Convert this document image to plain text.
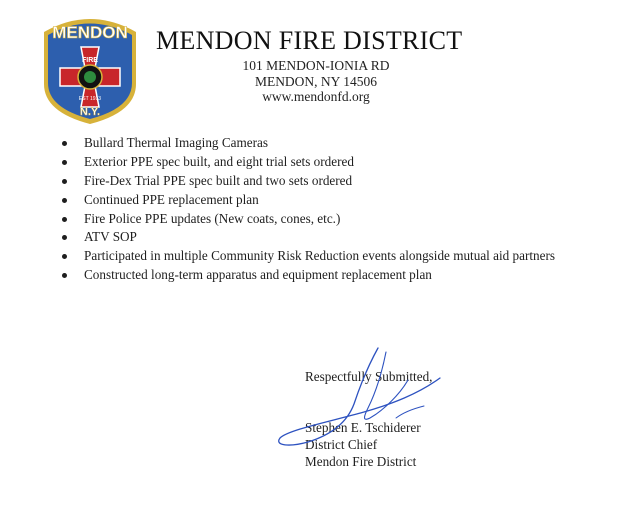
MENDON
FIRE
EST 1913
N.Y.
MENDON FIRE DISTRICT
101 MENDON-IONIA RD
MENDON, NY 14506
www.mendonfd.org
Bullard Thermal Imaging Cameras
Exterior PPE spec built, and eight trial sets ordered
Fire-Dex Trial PPE spec built and two sets ordered
Continued PPE replacement plan
Fire Police PPE updates (New coats, cones, etc.)
ATV SOP
Participated in multiple Community Risk Reduction events alongside mutual aid partners
Constructed long-term apparatus and equipment replacement plan
Respectfully Submitted,
Stephen E. Tschiderer
District Chief
Mendon Fire District
